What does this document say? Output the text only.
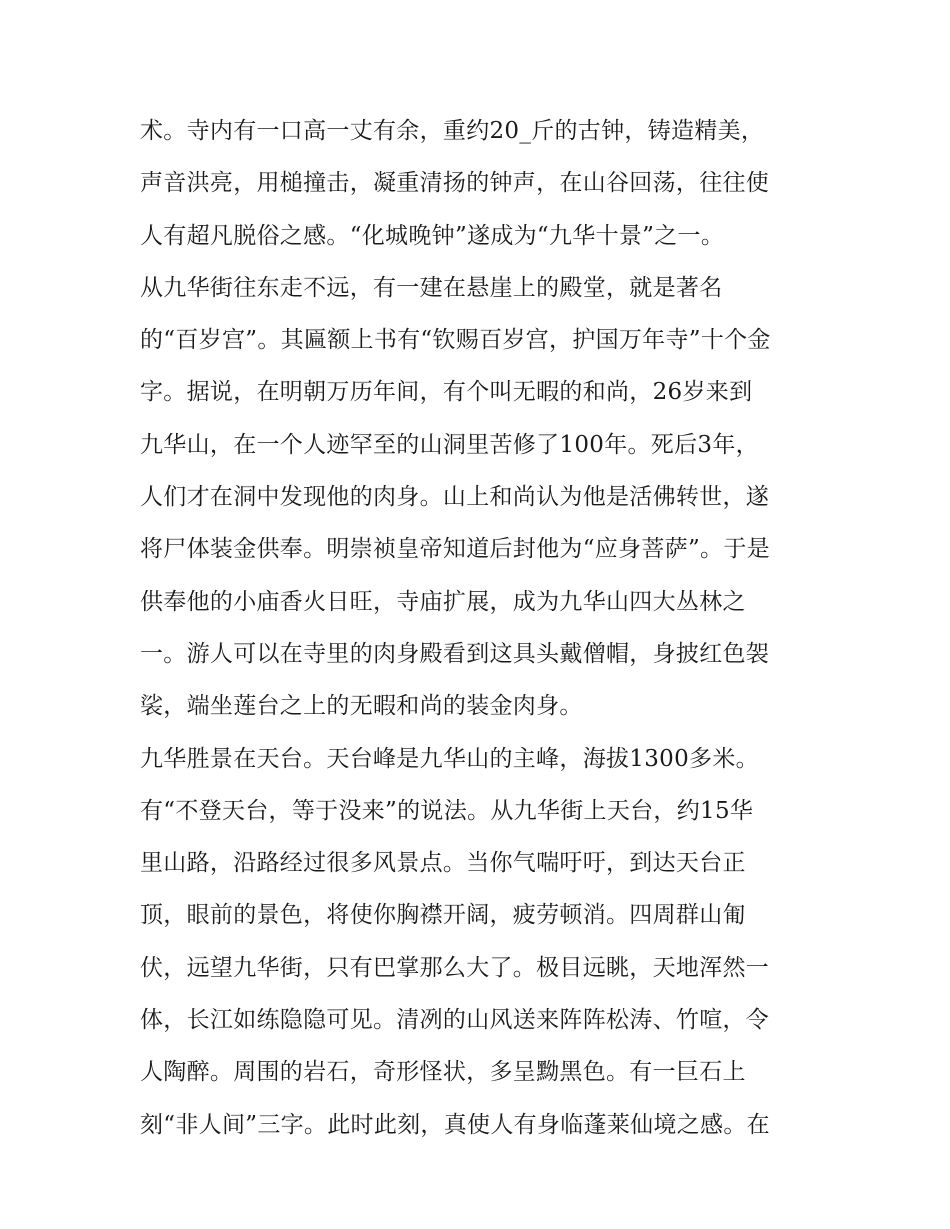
术。寺内有一口高一丈有余，重约20_斤的古钟，铸造精美，
声音洪亮，用槌撞击，凝重清扬的钟声，在山谷回荡，往往使
人有超凡脱俗之感。“化城晚钟”遂成为“九华十景”之一。
从九华街往东走不远，有一建在悬崖上的殿堂，就是著名
的“百岁宫”。其匾额上书有“钦赐百岁宫，护国万年寺”十个金
字。据说，在明朝万历年间，有个叫无暇的和尚，26岁来到
九华山，在一个人迹罕至的山洞里苦修了100年。死后3年，
人们才在洞中发现他的肉身。山上和尚认为他是活佛转世，遂
将尸体装金供奉。明崇祯皇帝知道后封他为“应身菩萨”。于是
供奉他的小庙香火日旺，寺庙扩展，成为九华山四大丛林之
一。游人可以在寺里的肉身殿看到这具头戴僧帽，身披红色袈
裟，端坐莲台之上的无暇和尚的装金肉身。
九华胜景在天台。天台峰是九华山的主峰，海拔1300多米。
有“不登天台，等于没来”的说法。从九华街上天台，约15华
里山路，沿路经过很多风景点。当你气喘吁吁，到达天台正
顶，眼前的景色，将使你胸襟开阔，疲劳顿消。四周群山匍
伏，远望九华街，只有巴掌那么大了。极目远眺，天地浑然一
体，长江如练隐隐可见。清冽的山风送来阵阵松涛、竹喧，令
人陶醉。周围的岩石，奇形怪状，多呈黝黑色。有一巨石上
刻“非人间”三字。此时此刻，真使人有身临蓬莱仙境之感。在
